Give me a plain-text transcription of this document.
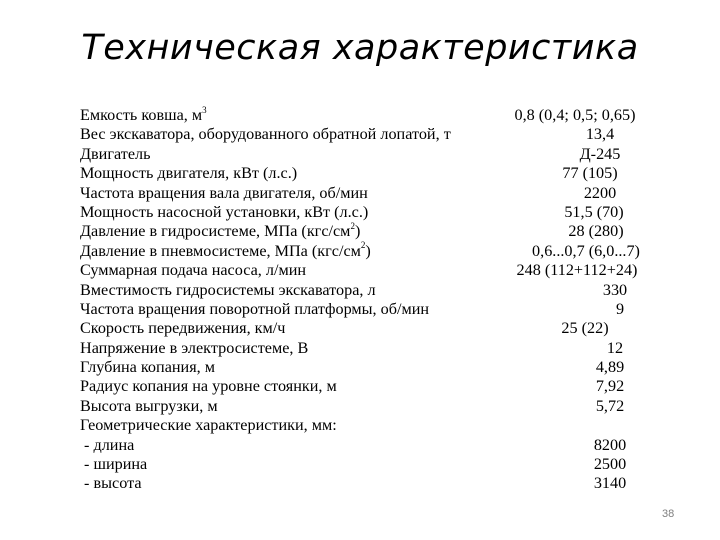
Техническая характеристика
Емкость ковша, $м^3$	0,8 (0,4; 0,5; 0,65)
Вес экскаватора, оборудованного обратной лопатой, т	13,4
Двигатель	Д-245
Мощность двигателя, кВт (л.с.)	77 (105)
Частота вращения вала двигателя, об/мин	2200
Мощность насосной установки, кВт (л.с.)	51,5 (70)
Давление в гидросистеме, МПа $(кгс/см^2)$	28 (280)
Давление в пневмосистеме, МПа $(кгс/см^2)$	0,6...0,7 (6,0...7)
Суммарная подача насоса, л/мин	248 (112+112+24)
Вместимость гидросистемы экскаватора, л	330
Частота вращения поворотной платформы, об/мин	9
Скорость передвижения, км/ч	25 (22)
Напряжение в электросистеме, В	12
Глубина копания, м	4,89
Радиус копания на уровне стоянки, м	7,92
Высота выгрузки, м	5,72
Геометрические характеристики, мм:
- длина	8200
- ширина	2500
- высота	3140
38
